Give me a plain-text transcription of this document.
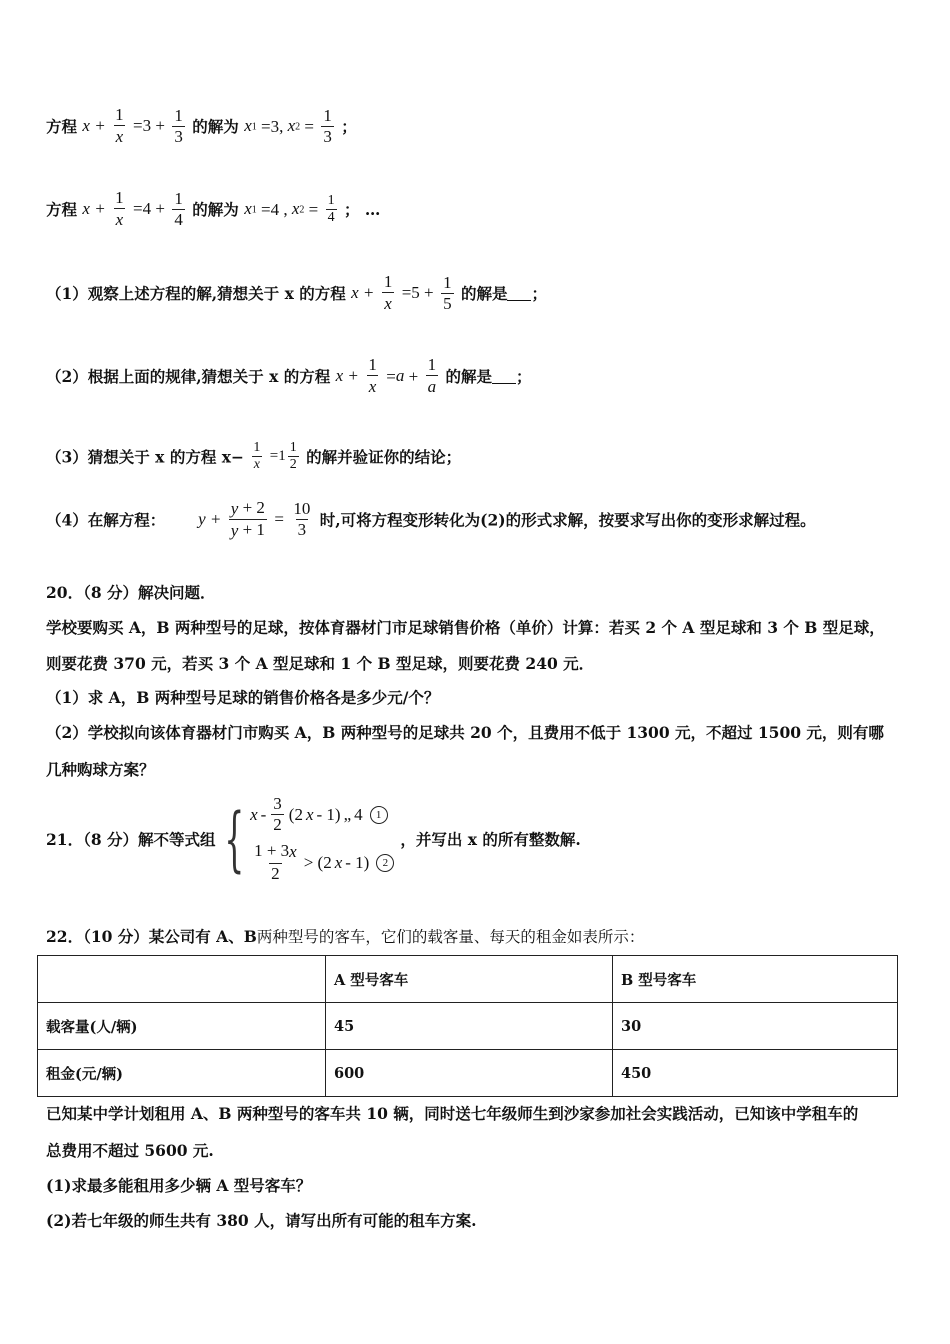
方程 $x + \frac{1}{x} =3 + \frac{1}{3}$ 的解为 x1 =3, $x2 = \frac{1}{3}$ ；
方程 $x + \frac{1}{x} =4 + \frac{1}{4}$ 的解为 x1 =4 , $x2 = \frac{1}{4}$ ； …
（1）观察上述方程的解,猜想关于 x 的方程 $x + \frac{1}{x} =5 + \frac{1}{5}$ 的解是 ；
（2）根据上面的规律,猜想关于 x 的方程 $x + \frac{1}{x} =a + \frac{1}{a}$ 的解是 ；
（3）猜想关于 x 的方程 $x- \frac{1}{x} =1 \frac{1}{2}$ 的解并验证你的结论；
（4）在解方程： $y + \frac{y + 2}{y + 1} = \frac{10}{3}$ 时,可将方程变形转化为(2)的形式求解，按要求写出你的变形求解过程。
20．（8 分）解决问题．
学校要购买 A，B 两种型号的足球，按体育器材门市足球销售价格（单价）计算：若买 2 个 A 型足球和 3 个 B 型足球，
则要花费 370 元，若买 3 个 A 型足球和 1 个 B 型足球，则要花费 240 元．
（1）求 A，B 两种型号足球的销售价格各是多少元/个？
（2）学校拟向该体育器材门市购买 A，B 两种型号的足球共 20 个，且费用不低于 1300 元，不超过 1500 元，则有哪
几种购球方案？
21．（8 分）解不等式组 { x - $\frac{3}{2} (2$ x - 1) „ 4	1
$\frac{1 + 3x}{2} > (2$ x - 1)	2
，并写出 x 的所有整数解.
22．（10 分）某公司有 A、B两种型号的客车，它们的载客量、每天的租金如表所示：
	A 型号客车	B 型号客车
载客量(人/辆)	45	30
租金(元/辆)	600	450
已知某中学计划租用 A、B 两种型号的客车共 10 辆，同时送七年级师生到沙家参加社会实践活动，已知该中学租车的
总费用不超过 5600 元.
(1)求最多能租用多少辆 A 型号客车？
(2)若七年级的师生共有 380 人，请写出所有可能的租车方案.
